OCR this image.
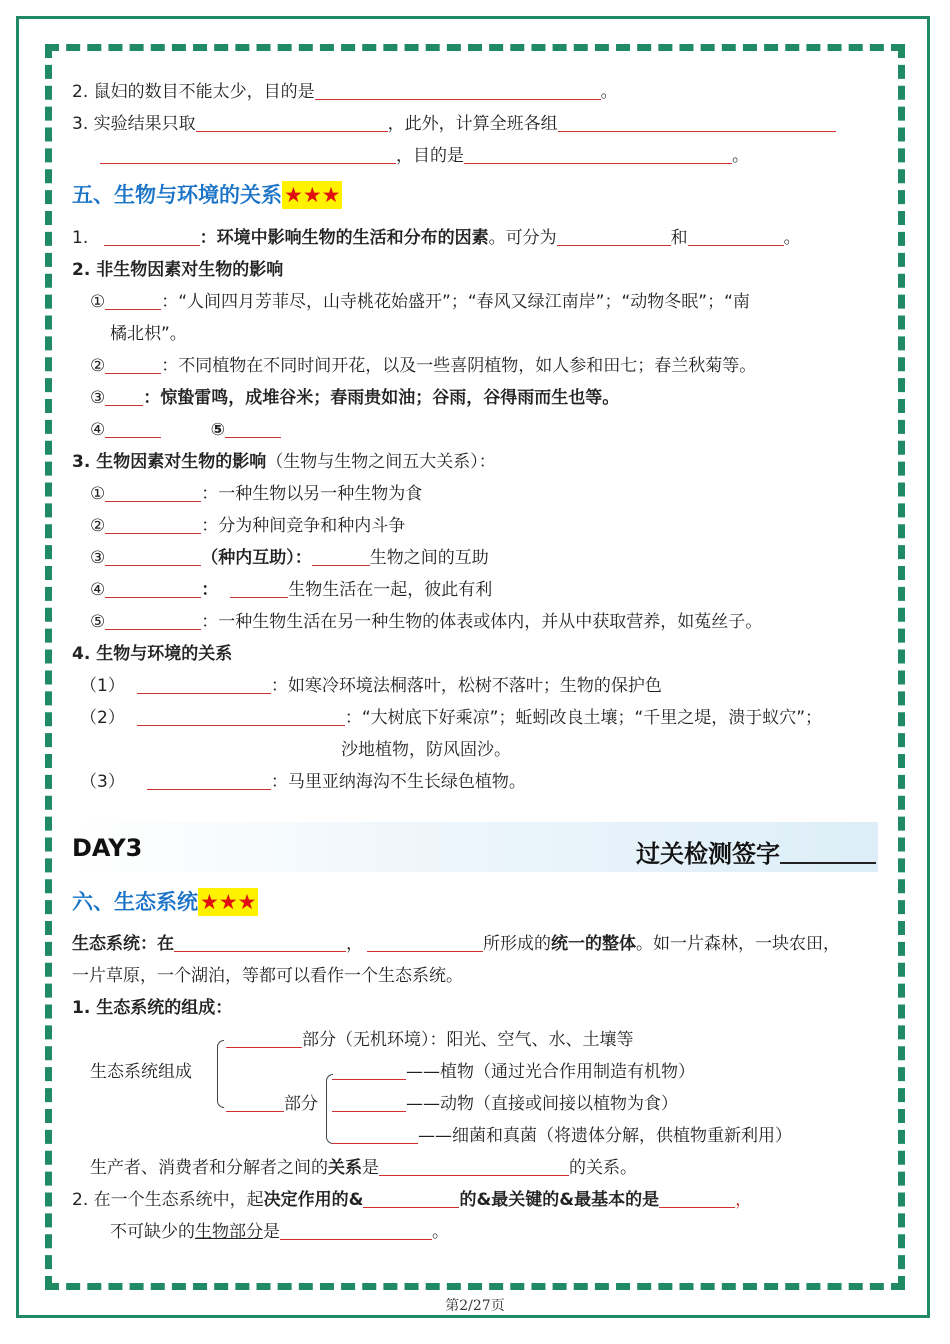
2. 鼠妇的数目不能太少，目的是	。
3. 实验结果只取	，此外，计算全班各组
，目的是	。
五、生物与环境的关系★★★
1.	：环境中影响生物的生活和分布的因素。可分为	和	。
2. 非生物因素对生物的影响
①	：“人间四月芳菲尽，山寺桃花始盛开”；“春风又绿江南岸”；“动物冬眠”；“南
橘北枳”。
②	：不同植物在不同时间开花，以及一些喜阴植物，如人参和田七；春兰秋菊等。
③ ：惊蛰雷鸣，成堆谷米；春雨贵如油；谷雨，谷得雨而生也等。
④	⑤
3. 生物因素对生物的影响（生物与生物之间五大关系）：
①	：一种生物以另一种生物为食
②	：分为种间竞争和种内斗争
③	（种内互助）：	生物之间的互助
④	：	生物生活在一起，彼此有利
⑤	：一种生物生活在另一种生物的体表或体内，并从中获取营养，如菟丝子。
4. 生物与环境的关系
（1）	：如寒冷环境法桐落叶，松树不落叶；生物的保护色
（2）	：“大树底下好乘凉”；蚯蚓改良土壤；“千里之堤，溃于蚁穴”；
沙地植物，防风固沙。
（3）	：马里亚纳海沟不生长绿色植物。
DAY3	过关检测签字
六、生态系统★★★
生态系统：在	，	所形成的统一的整体。如一片森林，一块农田，
一片草原，一个湖泊，等都可以看作一个生态系统。
1. 生态系统的组成：
生态系统组成
部分（无机环境）：阳光、空气、水、土壤等
部分
——植物（通过光合作用制造有机物）
——动物（直接或间接以植物为食）
——细菌和真菌（将遗体分解，供植物重新利用）
生产者、消费者和分解者之间的关系是	的关系。
2. 在一个生态系统中，起决定作用的&	的&最关键的&最基本的是	，
不可缺少的生物部分是	。
第2/27页
